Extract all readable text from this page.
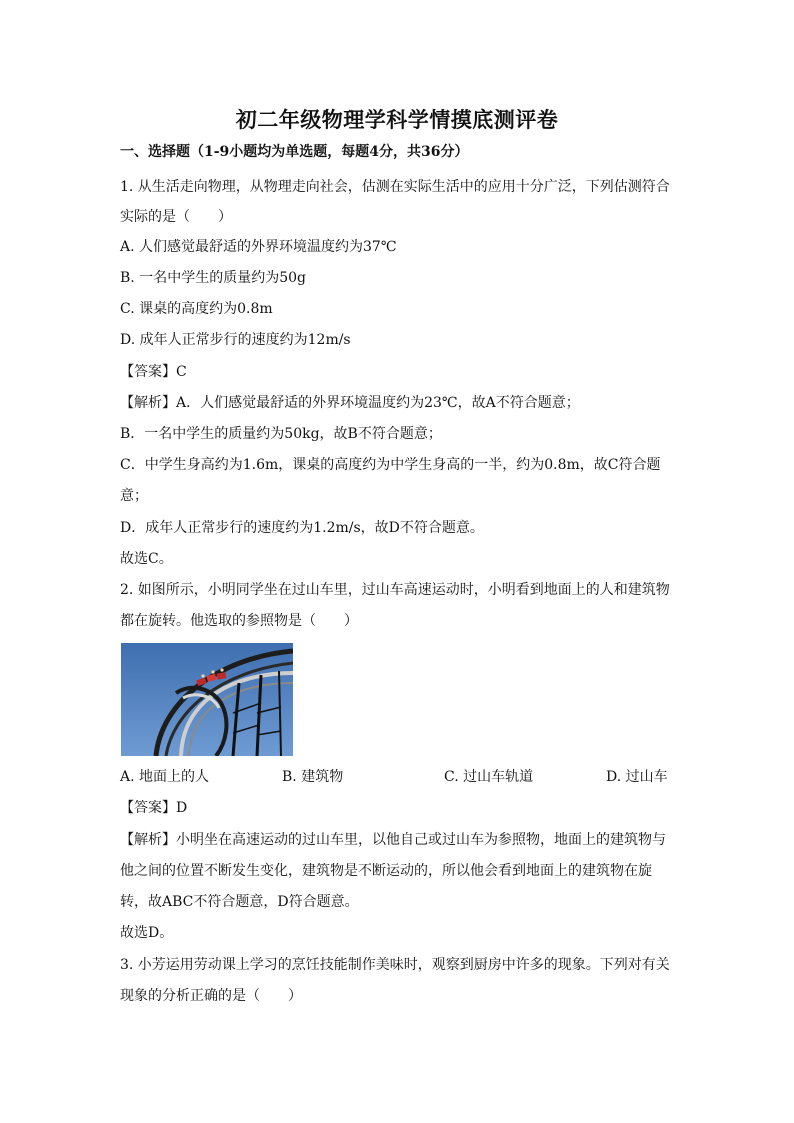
初二年级物理学科学情摸底测评卷
一、选择题（1-9小题均为单选题，每题4分，共36分）
1. 从生活走向物理，从物理走向社会，估测在实际生活中的应用十分广泛，下列估测符合
实际的是（　　）
A. 人们感觉最舒适的外界环境温度约为37℃
B. 一名中学生的质量约为50g
C. 课桌的高度约为0.8m
D. 成年人正常步行的速度约为12m/s
【答案】C
【解析】A．人们感觉最舒适的外界环境温度约为23℃，故A不符合题意；
B．一名中学生的质量约为50kg，故B不符合题意；
C．中学生身高约为1.6m，课桌的高度约为中学生身高的一半，约为0.8m，故C符合题
意；
D．成年人正常步行的速度约为1.2m/s，故D不符合题意。
故选C。
2. 如图所示，小明同学坐在过山车里，过山车高速运动时，小明看到地面上的人和建筑物
都在旋转。他选取的参照物是（　　）
A. 地面上的人	B. 建筑物	C. 过山车轨道	D. 过山车
【答案】D
【解析】小明坐在高速运动的过山车里，以他自己或过山车为参照物，地面上的建筑物与
他之间的位置不断发生变化，建筑物是不断运动的，所以他会看到地面上的建筑物在旋
转，故ABC不符合题意，D符合题意。
故选D。
3. 小芳运用劳动课上学习的烹饪技能制作美味时，观察到厨房中许多的现象。下列对有关
现象的分析正确的是（　　）
